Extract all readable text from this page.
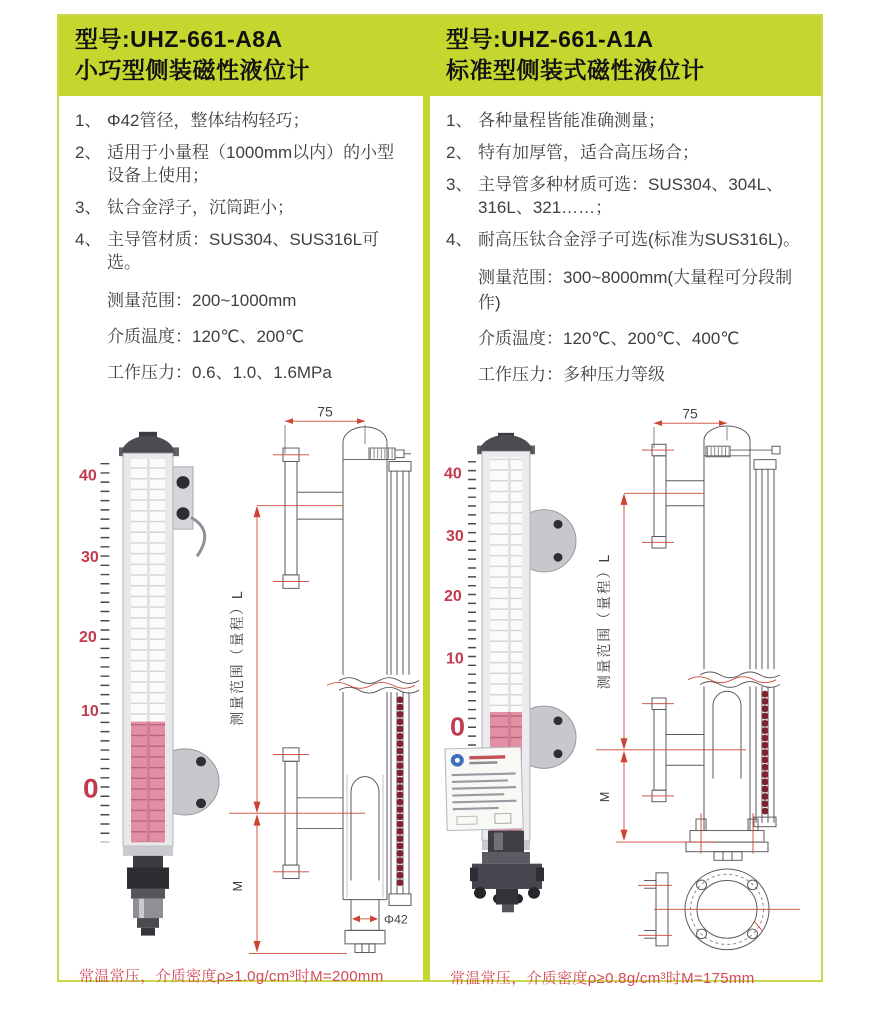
型号:UHZ-661-A8A
小巧型侧装磁性液位计
1、 Φ42管径，整体结构轻巧；
2、 适用于小量程（1000mm以内）的小型设备上使用；
3、 钛合金浮子，沉筒距小；
4、 主导管材质：SUS304、SUS316L可选。
测量范围：200~1000mm
介质温度：120℃、200℃
工作压力：0.6、1.0、1.6MPa
40
30
20
10
0
75
测量范围（量程）L
M
Φ42
常温常压，介质密度ρ≥1.0g/cm³时M=200mm
型号:UHZ-661-A1A
标准型侧装式磁性液位计
1、 各种量程皆能准确测量；
2、 特有加厚管，适合高压场合；
3、 主导管多种材质可选：SUS304、304L、316L、321……；
4、 耐高压钛合金浮子可选(标准为SUS316L)。
测量范围：300~8000mm(大量程可分段制作)
介质温度：120℃、200℃、400℃
工作压力：多种压力等级
40
30
20
10
0
75
测量范围（量程）L
M
常温常压，介质密度ρ≥0.8g/cm³时M=175mm
